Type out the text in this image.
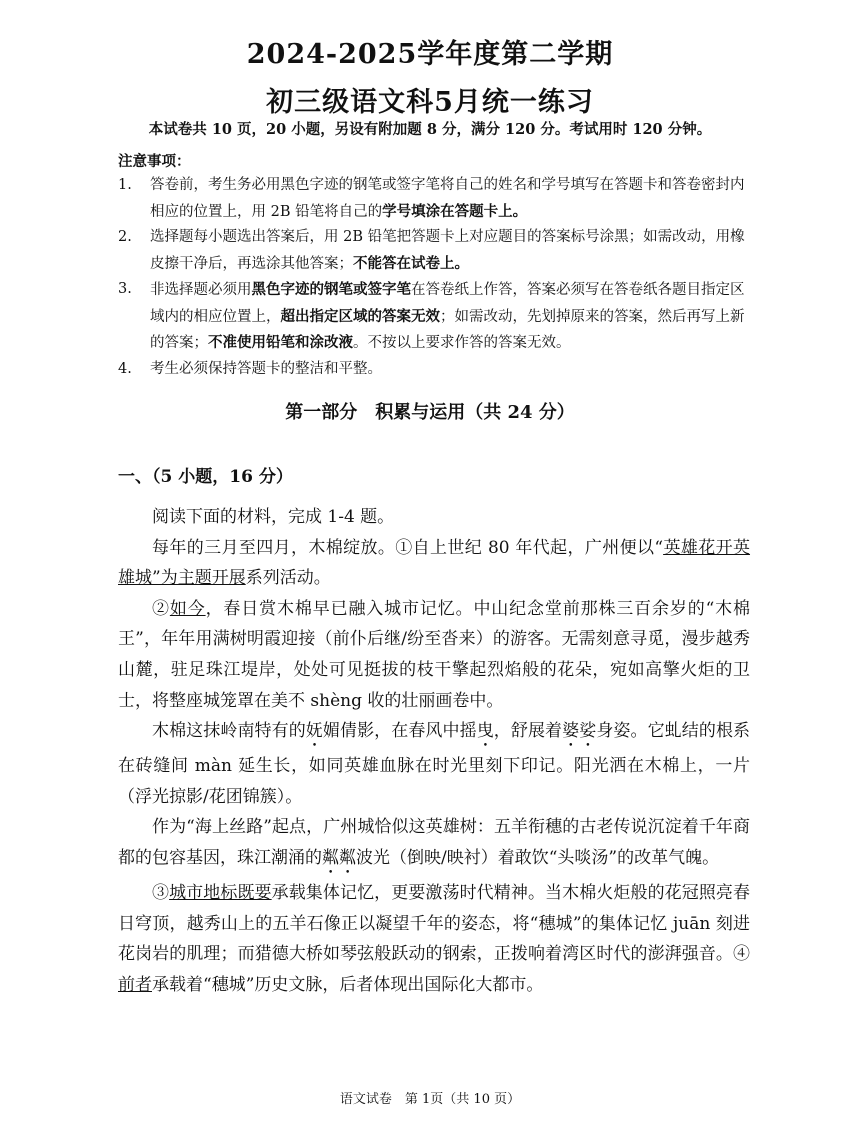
2024-2025学年度第二学期
初三级语文科5月统一练习
本试卷共 10 页，20 小题，另设有附加题 8 分，满分 120 分。考试用时 120 分钟。
注意事项：
1. 答卷前，考生务必用黑色字迹的钢笔或签字笔将自己的姓名和学号填写在答题卡和答卷密封内相应的位置上，用 2B 铅笔将自己的学号填涂在答题卡上。
2. 选择题每小题选出答案后，用 2B 铅笔把答题卡上对应题目的答案标号涂黑；如需改动，用橡皮擦干净后，再选涂其他答案；不能答在试卷上。
3. 非选择题必须用黑色字迹的钢笔或签字笔在答卷纸上作答，答案必须写在答卷纸各题目指定区域内的相应位置上，超出指定区域的答案无效；如需改动，先划掉原来的答案，然后再写上新的答案；不准使用铅笔和涂改液。不按以上要求作答的答案无效。
4. 考生必须保持答题卡的整洁和平整。
第一部分　积累与运用（共 24 分）
一、（5 小题，16 分）

阅读下面的材料，完成 1-4 题。

每年的三月至四月，木棉绽放。①自上世纪 80 年代起，广州便以“英雄花开英雄城”为主题开展系列活动。

②如今，春日赏木棉早已融入城市记忆。中山纪念堂前那株三百余岁的“木棉王”，年年用满树明霞迎接（前仆后继/纷至沓来）的游客。无需刻意寻觅，漫步越秀山麓，驻足珠江堤岸，处处可见挺拔的枝干擎起烈焰般的花朵，宛如高擎火炬的卫士，将整座城笼罩在美不 shèng 收的壮丽画卷中。

木棉这抹岭南特有的妩媚倩影，在春风中摇曳，舒展着婆娑身姿。它虬结的根系在砖缝间 màn 延生长，如同英雄血脉在时光里刻下印记。阳光洒在木棉上，一片（浮光掠影/花团锦簇）。

作为“海上丝路”起点，广州城恰似这英雄树：五羊衔穗的古老传说沉淀着千年商都的包容基因，珠江潮涌的粼粼波光（倒映/映衬）着敢饮“头啖汤”的改革气魄。

③城市地标既要承载集体记忆，更要激荡时代精神。当木棉火炬般的花冠照亮春日穹顶，越秀山上的五羊石像正以凝望千年的姿态，将“穗城”的集体记忆 juān 刻进花岗岩的肌理；而猎德大桥如琴弦般跃动的钢索，正拨响着湾区时代的澎湃强音。④前者承载着“穗城”历史文脉，后者体现出国际化大都市。

语文试卷　第 1页（共 10 页）
